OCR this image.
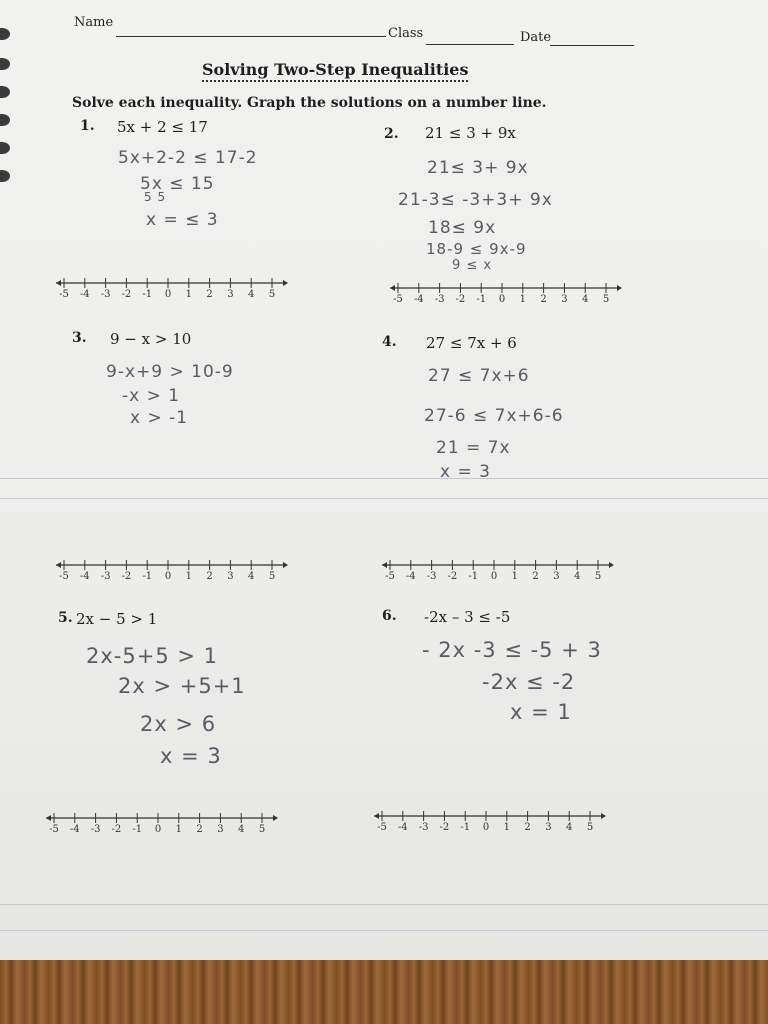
Name
Class	Date
Solving Two-Step Inequalities
Solve each inequality. Graph the solutions on a number line.
1. 5x + 2 ≤ 17
5x+2-2 ≤ 17-2
5x ≤ 15
5 5
x = ≤ 3
2. 21 ≤ 3 + 9x
21≤ 3+ 9x
21-3≤ -3+3+ 9x
18≤ 9x
18-9 ≤ 9x-9
9 ≤ x
3. 9 − x > 10
9-x+9 > 10-9
-x > 1
x > -1
4. 27 ≤ 7x + 6
27 ≤ 7x+6
27-6 ≤ 7x+6-6
21 = 7x
x = 3
5. 2x − 5 > 1
2x-5+5 > 1
2x > +5+1
2x > 6
x = 3
6. -2x – 3 ≤ -5
- 2x -3 ≤ -5 + 3
-2x ≤ -2
x = 1
-5 -4 -3 -2 -1 0 1 2 3 4 5	-5 -4 -3 -2 -1 0 1 2 3 4 5
-5 -4 -3 -2 -1 0 1 2 3 4 5	-5 -4 -3 -2 -1 0 1 2 3 4 5
-5 -4 -3 -2 -1 0 1 2 3 4 5	-5 -4 -3 -2 -1 0 1 2 3 4 5
